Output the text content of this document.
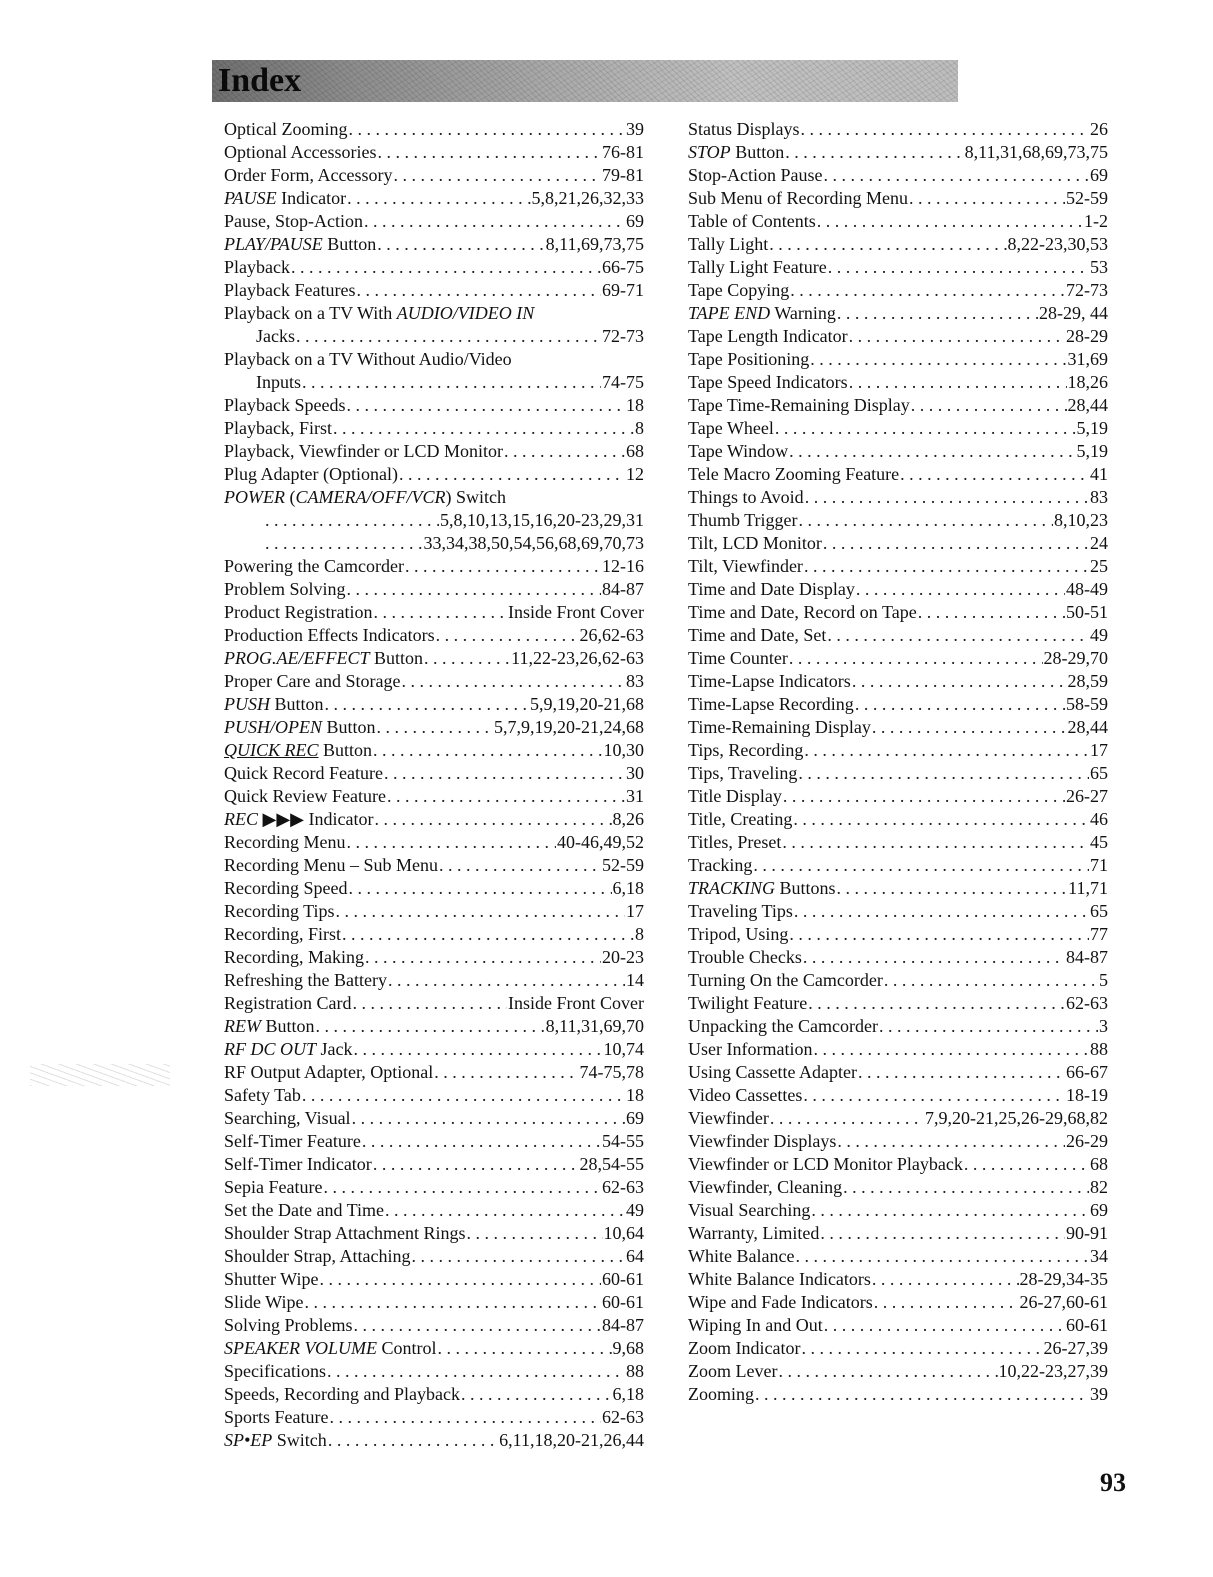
Index
Optical Zooming . . .	39
Optional Accessories . . .	76-81
Order Form, Accessory . . .	79-81
PAUSE Indicator . . .	5,8,21,26,32,33
Pause, Stop-Action . . .	69
PLAY/PAUSE Button . . .	8,11,69,73,75
Playback . . .	66-75
Playback Features . . .	69-71
Playback on a TV With AUDIO/VIDEO IN
Jacks . . .	72-73
Playback on a TV Without Audio/Video
Inputs . . .	74-75
Playback Speeds . . .	18
Playback, First . . .	8
Playback, Viewfinder or LCD Monitor . . .	68
Plug Adapter (Optional) . . .	12
POWER (CAMERA/OFF/VCR) Switch
. . .
5,8,10,13,15,16,20-23,29,31
. . .
33,34,38,50,54,56,68,69,70,73
Powering the Camcorder . . .	12-16
Problem Solving . . .	84-87
Product Registration . . .	Inside Front Cover
Production Effects Indicators . . .	26,62-63
PROG.AE/EFFECT Button . . .	11,22-23,26,62-63
Proper Care and Storage . . .	83
PUSH Button . . .	5,9,19,20-21,68
PUSH/OPEN Button . . .	5,7,9,19,20-21,24,68
QUICK REC Button . . .	10,30
Quick Record Feature . . .	30
Quick Review Feature . . .	31
REC ▶▶▶ Indicator . . .	8,26
Recording Menu . . .	40-46,49,52
Recording Menu – Sub Menu . . .	52-59
Recording Speed . . .	6,18
Recording Tips . . .	17
Recording, First . . .	8
Recording, Making . . .	20-23
Refreshing the Battery . . .	14
Registration Card . . .	Inside Front Cover
REW Button . . .	8,11,31,69,70
RF DC OUT Jack . . .	10,74
RF Output Adapter, Optional . . .	74-75,78
Safety Tab . . .	18
Searching, Visual . . .	69
Self-Timer Feature . . .	54-55
Self-Timer Indicator . . .	28,54-55
Sepia Feature . . .	62-63
Set the Date and Time . . .	49
Shoulder Strap Attachment Rings . . .	10,64
Shoulder Strap, Attaching . . .	64
Shutter Wipe . . .	60-61
Slide Wipe . . .	60-61
Solving Problems . . .	84-87
SPEAKER VOLUME Control . . .	9,68
Specifications . . .	88
Speeds, Recording and Playback . . .	6,18
Sports Feature . . .	62-63
SP•EP Switch . . .	6,11,18,20-21,26,44
Status Displays . . .	26
STOP Button . . .	8,11,31,68,69,73,75
Stop-Action Pause . . .	69
Sub Menu of Recording Menu . . .	52-59
Table of Contents . . .	1-2
Tally Light . . .	8,22-23,30,53
Tally Light Feature . . .	53
Tape Copying . . .	72-73
TAPE END Warning . . .	28-29, 44
Tape Length Indicator . . .	28-29
Tape Positioning . . .	31,69
Tape Speed Indicators . . .	18,26
Tape Time-Remaining Display . . .	28,44
Tape Wheel . . .	5,19
Tape Window . . .	5,19
Tele Macro Zooming Feature . . .	41
Things to Avoid . . .	83
Thumb Trigger . . .	8,10,23
Tilt, LCD Monitor . . .	24
Tilt, Viewfinder . . .	25
Time and Date Display . . .	48-49
Time and Date, Record on Tape . . .	50-51
Time and Date, Set . . .	49
Time Counter . . .	28-29,70
Time-Lapse Indicators . . .	28,59
Time-Lapse Recording . . .	58-59
Time-Remaining Display . . .	28,44
Tips, Recording . . .	17
Tips, Traveling . . .	65
Title Display . . .	26-27
Title, Creating . . .	46
Titles, Preset . . .	45
Tracking . . .	71
TRACKING Buttons . . .	11,71
Traveling Tips . . .	65
Tripod, Using . . .	77
Trouble Checks . . .	84-87
Turning On the Camcorder . . .	5
Twilight Feature . . .	62-63
Unpacking the Camcorder . . .	3
User Information . . .	88
Using Cassette Adapter . . .	66-67
Video Cassettes . . .	18-19
Viewfinder . . .	7,9,20-21,25,26-29,68,82
Viewfinder Displays . . .	26-29
Viewfinder or LCD Monitor Playback . . .	68
Viewfinder, Cleaning . . .	82
Visual Searching . . .	69
Warranty, Limited . . .	90-91
White Balance . . .	34
White Balance Indicators . . .	28-29,34-35
Wipe and Fade Indicators . . .	26-27,60-61
Wiping In and Out . . .	60-61
Zoom Indicator . . .	26-27,39
Zoom Lever . . .	10,22-23,27,39
Zooming . . .	39
93
